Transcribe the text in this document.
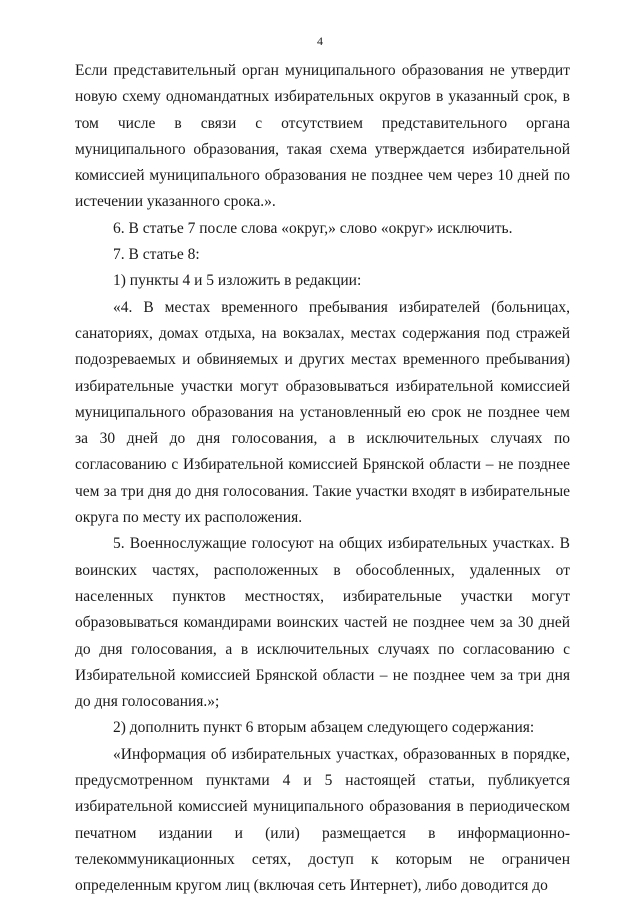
4

Если представительный орган муниципального образования не утвердит новую схему одномандатных избирательных округов в указанный срок, в том числе в связи с отсутствием представительного органа муниципального образования, такая схема утверждается избирательной комиссией муниципального образования не позднее чем через 10 дней по истечении указанного срока.».

6. В статье 7 после слова «округ,» слово «округ» исключить.

7. В статье 8:

1) пункты 4 и 5 изложить в редакции:

«4. В местах временного пребывания избирателей (больницах, санаториях, домах отдыха, на вокзалах, местах содержания под стражей подозреваемых и обвиняемых и других местах временного пребывания) избирательные участки могут образовываться избирательной комиссией муниципального образования на установленный ею срок не позднее чем за 30 дней до дня голосования, а в исключительных случаях по согласованию с Избирательной комиссией Брянской области – не позднее чем за три дня до дня голосования. Такие участки входят в избирательные округа по месту их расположения.

5. Военнослужащие голосуют на общих избирательных участках. В воинских частях, расположенных в обособленных, удаленных от населенных пунктов местностях, избирательные участки могут образовываться командирами воинских частей не позднее чем за 30 дней до дня голосования, а в исключительных случаях по согласованию с Избирательной комиссией Брянской области – не позднее чем за три дня до дня голосования.»;

2) дополнить пункт 6 вторым абзацем следующего содержания:

«Информация об избирательных участках, образованных в порядке, предусмотренном пунктами 4 и 5 настоящей статьи, публикуется избирательной комиссией муниципального образования в периодическом печатном издании и (или) размещается в информационно-телекоммуникационных сетях, доступ к которым не ограничен определенным кругом лиц (включая сеть Интернет), либо доводится до
